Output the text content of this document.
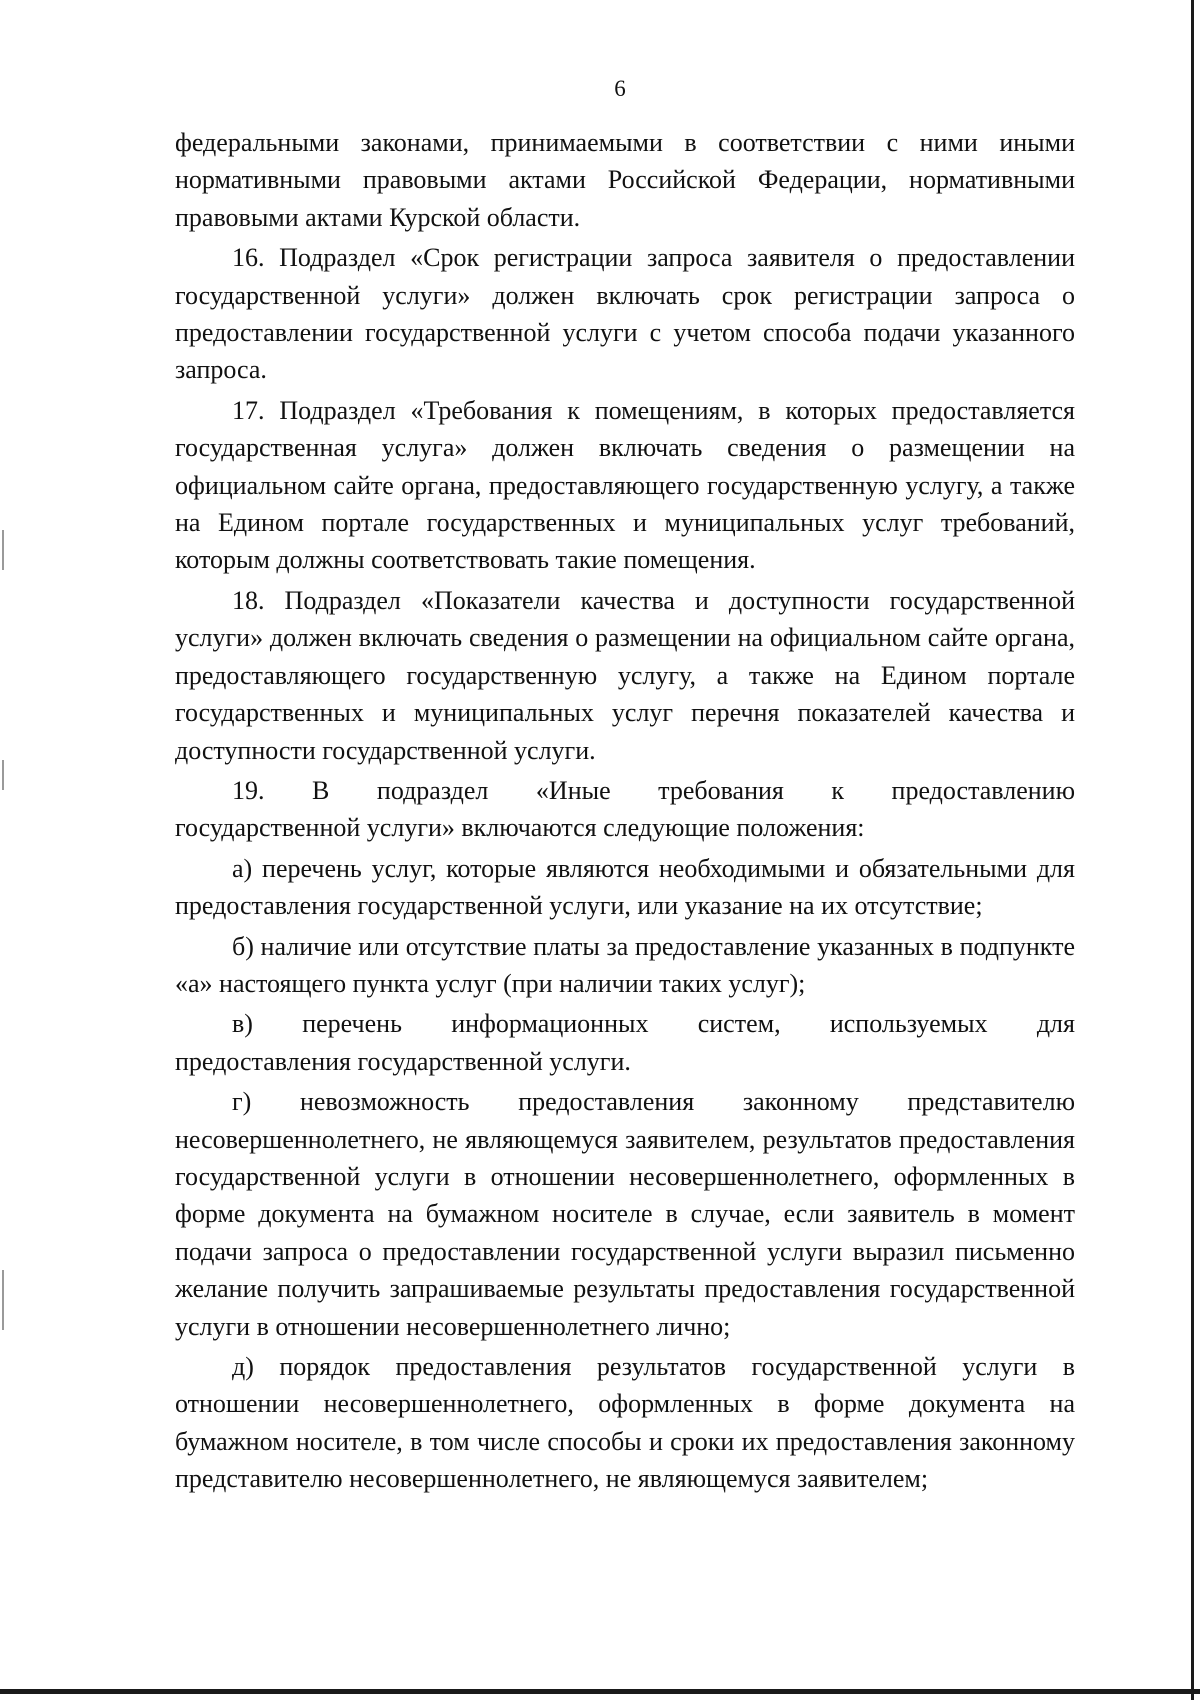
6

федеральными законами, принимаемыми в соответствии с ними иными нормативными правовыми актами Российской Федерации, нормативными правовыми актами Курской области.

16. Подраздел «Срок регистрации запроса заявителя о предоставлении государственной услуги» должен включать срок регистрации запроса о предоставлении государственной услуги с учетом способа подачи указанного запроса.

17. Подраздел «Требования к помещениям, в которых предоставляется государственная услуга» должен включать сведения о размещении на официальном сайте органа, предоставляющего государственную услугу, а также на Едином портале государственных и муниципальных услуг требований, которым должны соответствовать такие помещения.

18. Подраздел «Показатели качества и доступности государственной услуги» должен включать сведения о размещении на официальном сайте органа, предоставляющего государственную услугу, а также на Едином портале государственных и муниципальных услуг перечня показателей качества и доступности государственной услуги.

19. В подраздел «Иные требования к предоставлению

государственной услуги» включаются следующие положения:

а) перечень услуг, которые являются необходимыми и обязательными для предоставления государственной услуги, или указание на их отсутствие;

б) наличие или отсутствие платы за предоставление указанных в подпункте «а» настоящего пункта услуг (при наличии таких услуг);

в) перечень информационных систем, используемых для

предоставления государственной услуги.

г) невозможность предоставления законному представителю несовершеннолетнего, не являющемуся заявителем, результатов предоставления государственной услуги в отношении несовершеннолетнего, оформленных в форме документа на бумажном носителе в случае, если заявитель в момент подачи запроса о предоставлении государственной услуги выразил письменно желание получить запрашиваемые результаты предоставления государственной услуги в отношении несовершеннолетнего лично;

д) порядок предоставления результатов государственной услуги в отношении несовершеннолетнего, оформленных в форме документа на бумажном носителе, в том числе способы и сроки их предоставления законному представителю несовершеннолетнего, не являющемуся заявителем;
